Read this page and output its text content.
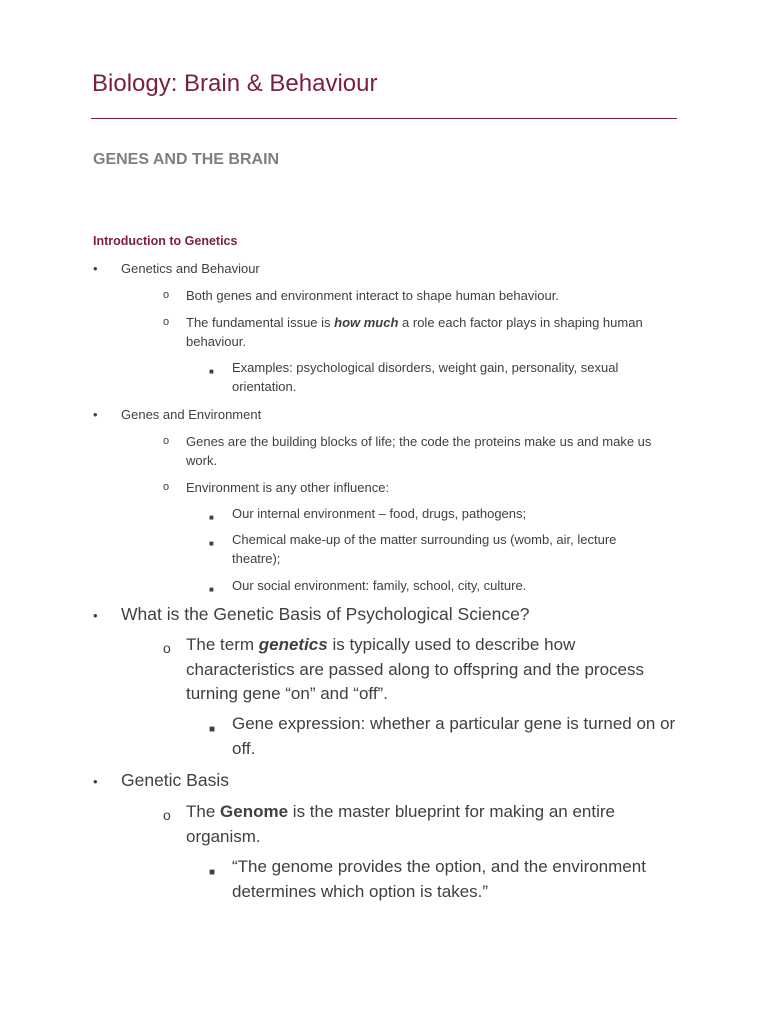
Biology: Brain & Behaviour
GENES AND THE BRAIN
Introduction to Genetics
• Genetics and Behaviour
o Both genes and environment interact to shape human behaviour.
o The fundamental issue is how much a role each factor plays in shaping human behaviour.
■ Examples: psychological disorders, weight gain, personality, sexual orientation.
• Genes and Environment
o Genes are the building blocks of life; the code the proteins make us and make us work.
o Environment is any other influence:
■ Our internal environment – food, drugs, pathogens;
■ Chemical make-up of the matter surrounding us (womb, air, lecture theatre);
■ Our social environment: family, school, city, culture.
• What is the Genetic Basis of Psychological Science?
o The term genetics is typically used to describe how characteristics are passed along to offspring and the process turning gene “on” and “off”.
■ Gene expression: whether a particular gene is turned on or off.
• Genetic Basis
o The Genome is the master blueprint for making an entire organism.
■ “The genome provides the option, and the environment determines which option is takes.”
